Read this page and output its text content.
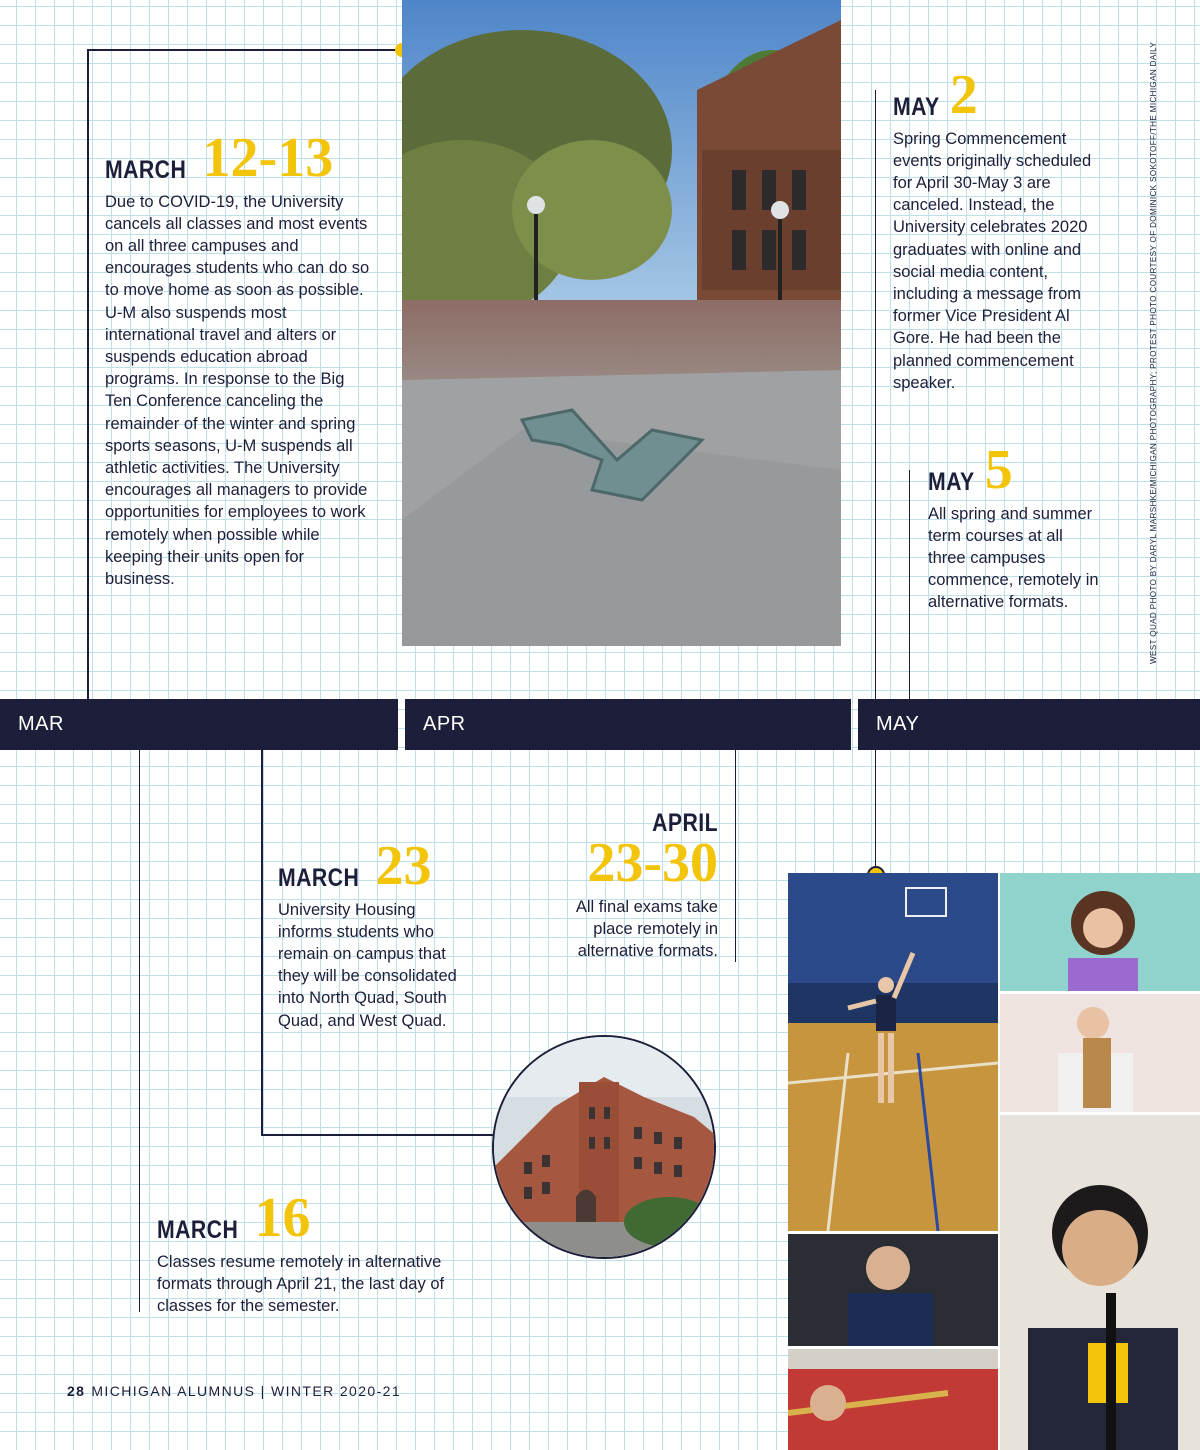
MARCH 12-13
Due to COVID-19, the University cancels all classes and most events on all three campuses and encourages students who can do so to move home as soon as possible. U-M also suspends most international travel and alters or suspends education abroad programs. In response to the Big Ten Conference canceling the remainder of the winter and spring sports seasons, U-M suspends all athletic activities. The University encourages all managers to provide opportunities for employees to work remotely when possible while keeping their units open for business.
MAY 2
Spring Commencement events originally scheduled for April 30-May 3 are canceled. Instead, the University celebrates 2020 graduates with online and social media content, including a message from former Vice President Al Gore. He had been the planned commencement speaker.
MAY 5
All spring and summer term courses at all three campuses commence, remotely in alternative formats.	WEST QUAD PHOTO BY DARYL MARSHKE/MICHIGAN PHOTOGRAPHY; PROTEST PHOTO COURTESY OF DOMINICK SOKOTOFF/THE MICHIGAN DAILY
MAR	APR	MAY
MARCH 23
University Housing informs students who remain on campus that they will be consolidated into North Quad, South Quad, and West Quad.
APRIL
23-30
All final exams take place remotely in alternative formats.
MARCH 16
Classes resume remotely in alternative formats through April 21, the last day of classes for the semester.
28 MICHIGAN ALUMNUS | WINTER 2020-21
